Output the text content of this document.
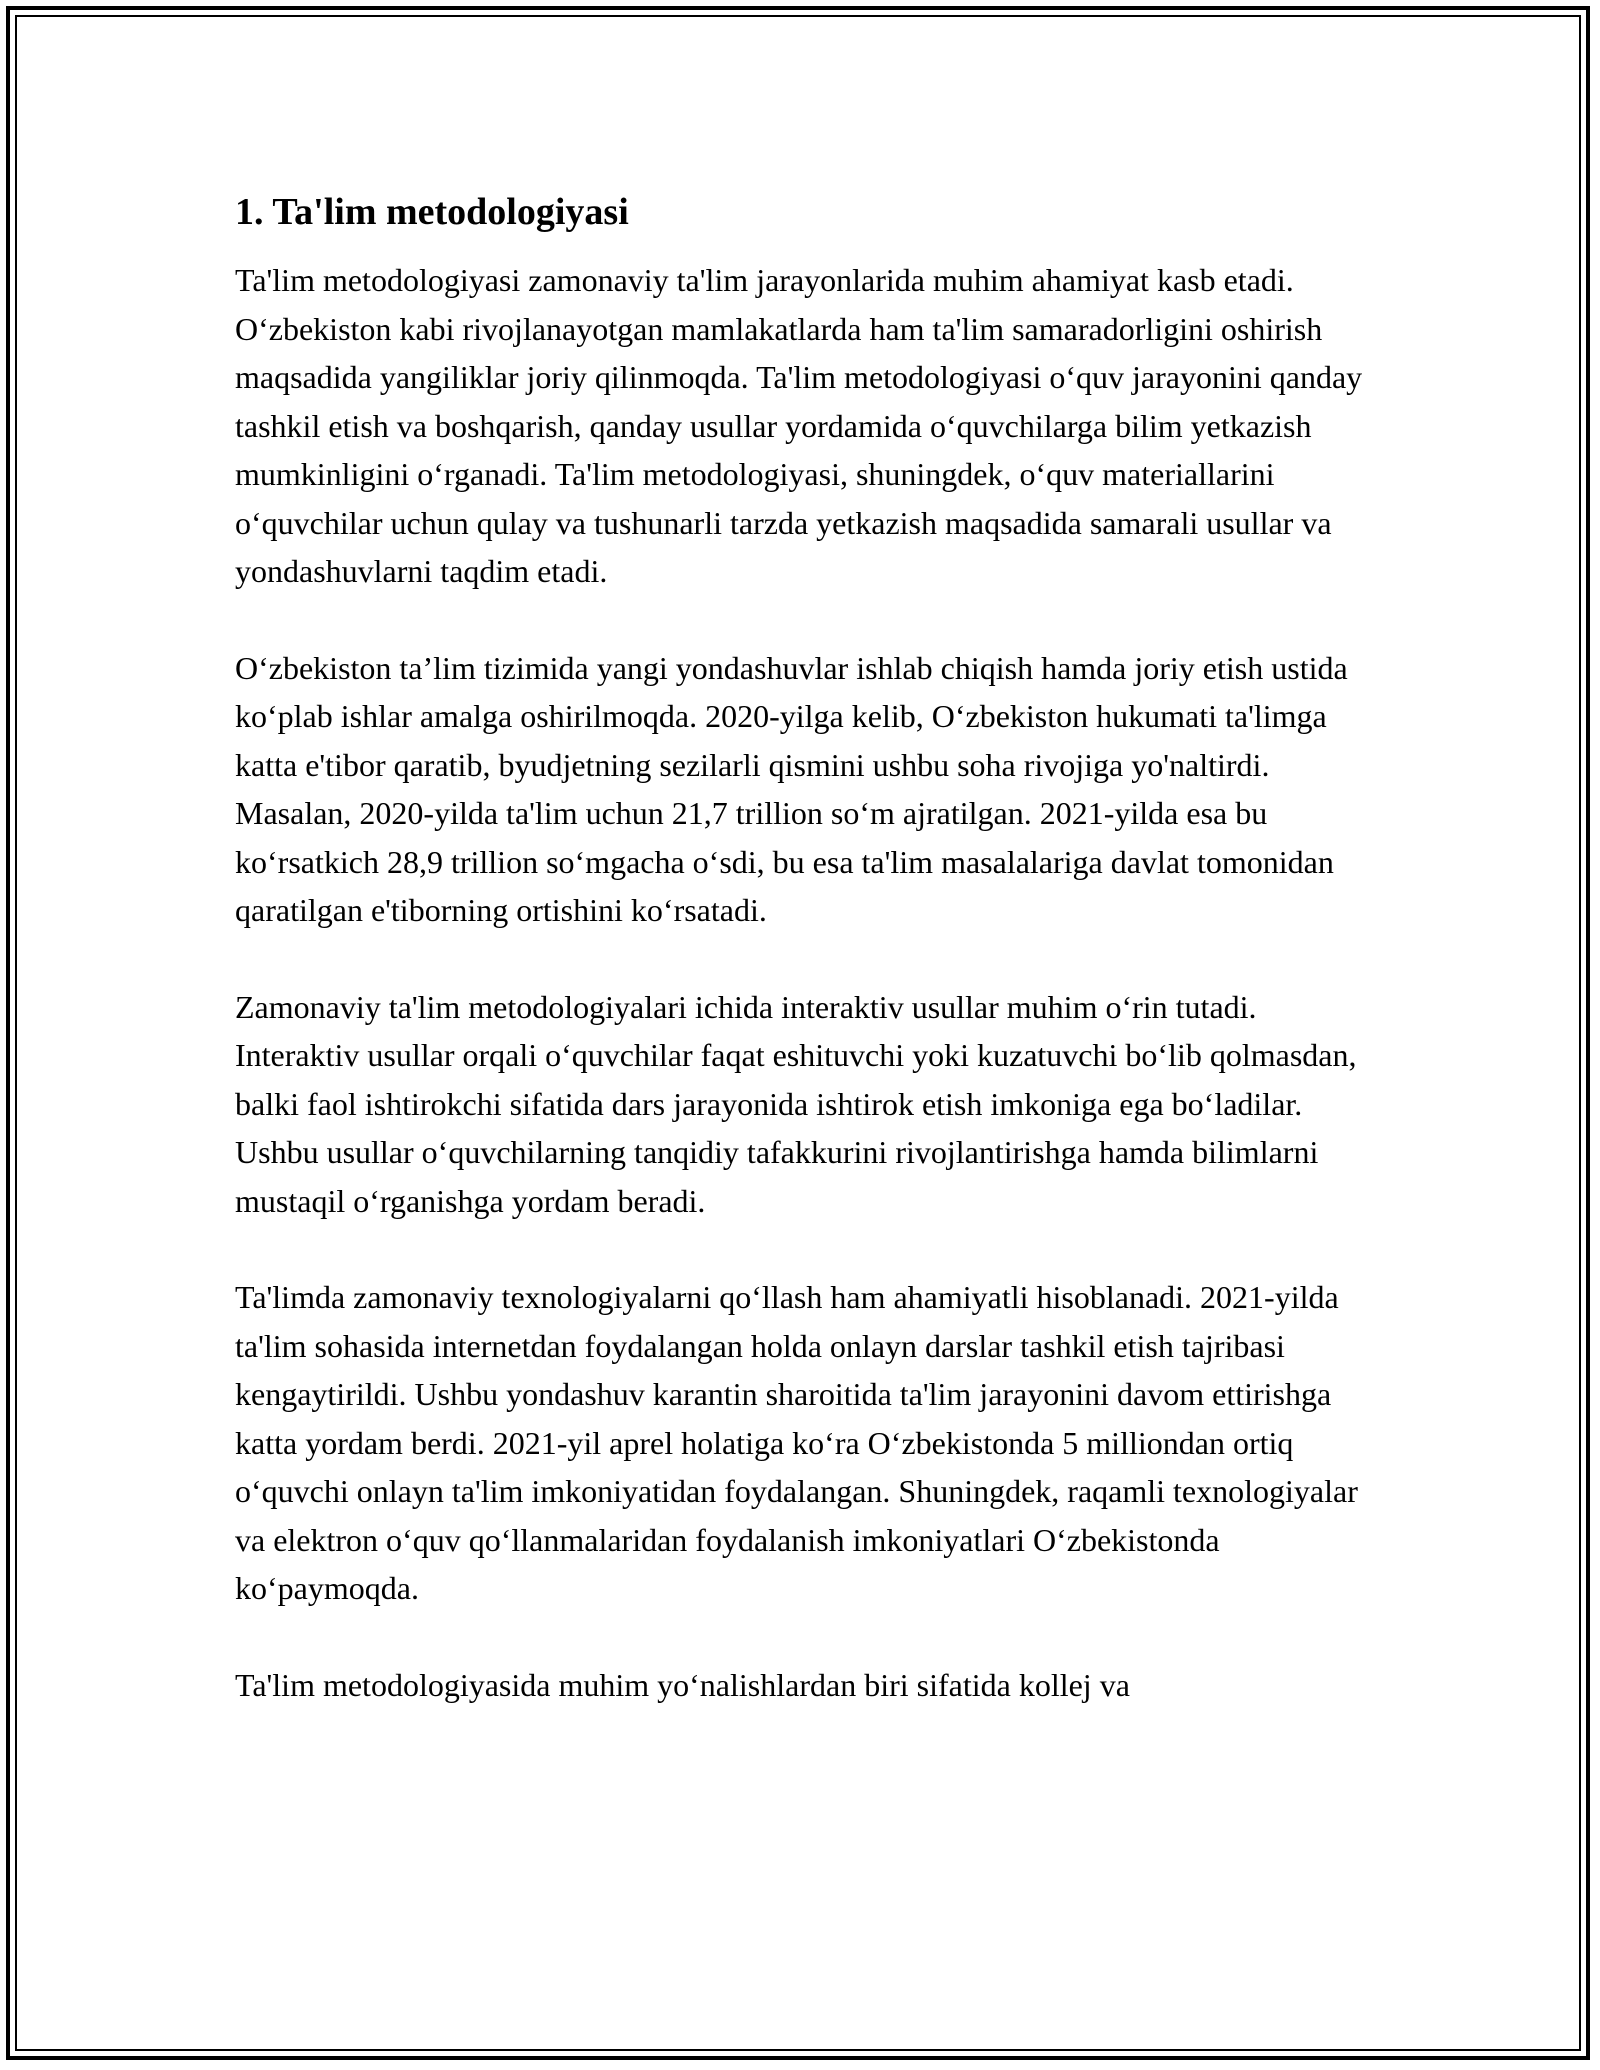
1. Ta'lim metodologiyasi

Ta'lim metodologiyasi zamonaviy ta'lim jarayonlarida muhim ahamiyat kasb etadi. O‘zbekiston kabi rivojlanayotgan mamlakatlarda ham ta'lim samaradorligini oshirish maqsadida yangiliklar joriy qilinmoqda. Ta'lim metodologiyasi o‘quv jarayonini qanday tashkil etish va boshqarish, qanday usullar yordamida o‘quvchilarga bilim yetkazish mumkinligini o‘rganadi. Ta'lim metodologiyasi, shuningdek, o‘quv materiallarini o‘quvchilar uchun qulay va tushunarli tarzda yetkazish maqsadida samarali usullar va yondashuvlarni taqdim etadi.

O‘zbekiston ta’lim tizimida yangi yondashuvlar ishlab chiqish hamda joriy etish ustida ko‘plab ishlar amalga oshirilmoqda. 2020-yilga kelib, O‘zbekiston hukumati ta'limga katta e'tibor qaratib, byudjetning sezilarli qismini ushbu soha rivojiga yo'naltirdi. Masalan, 2020-yilda ta'lim uchun 21,7 trillion so‘m ajratilgan. 2021-yilda esa bu ko‘rsatkich 28,9 trillion so‘mgacha o‘sdi, bu esa ta'lim masalalariga davlat tomonidan qaratilgan e'tiborning ortishini ko‘rsatadi.

Zamonaviy ta'lim metodologiyalari ichida interaktiv usullar muhim o‘rin tutadi. Interaktiv usullar orqali o‘quvchilar faqat eshituvchi yoki kuzatuvchi bo‘lib qolmasdan, balki faol ishtirokchi sifatida dars jarayonida ishtirok etish imkoniga ega bo‘ladilar. Ushbu usullar o‘quvchilarning tanqidiy tafakkurini rivojlantirishga hamda bilimlarni mustaqil o‘rganishga yordam beradi.

Ta'limda zamonaviy texnologiyalarni qo‘llash ham ahamiyatli hisoblanadi. 2021-yilda ta'lim sohasida internetdan foydalangan holda onlayn darslar tashkil etish tajribasi kengaytirildi. Ushbu yondashuv karantin sharoitida ta'lim jarayonini davom ettirishga katta yordam berdi. 2021-yil aprel holatiga ko‘ra O‘zbekistonda 5 milliondan ortiq o‘quvchi onlayn ta'lim imkoniyatidan foydalangan. Shuningdek, raqamli texnologiyalar va elektron o‘quv qo‘llanmalaridan foydalanish imkoniyatlari O‘zbekistonda ko‘paymoqda.

Ta'lim metodologiyasida muhim yo‘nalishlardan biri sifatida kollej va
